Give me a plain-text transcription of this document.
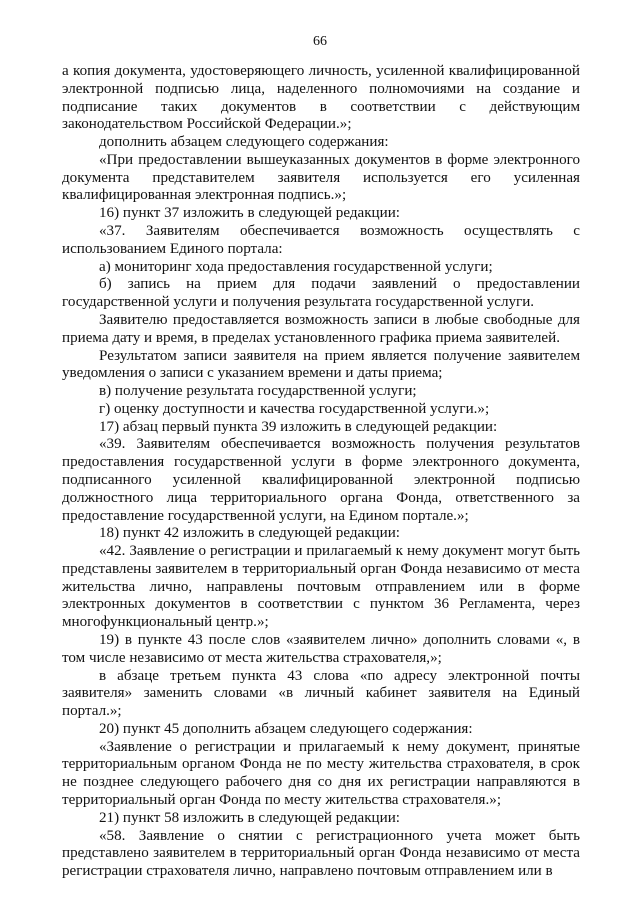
66

а копия документа, удостоверяющего личность, усиленной квалифицированной электронной подписью лица, наделенного полномочиями на создание и подписание таких документов в соответствии с действующим законодательством Российской Федерации.»;

дополнить абзацем следующего содержания:

«При предоставлении вышеуказанных документов в форме электронного документа представителем заявителя используется его усиленная квалифицированная электронная подпись.»;

16) пункт 37 изложить в следующей редакции:

«37. Заявителям обеспечивается возможность осуществлять с использованием Единого портала:

а) мониторинг хода предоставления государственной услуги;

б) запись на прием для подачи заявлений о предоставлении государственной услуги и получения результата государственной услуги.

Заявителю предоставляется возможность записи в любые свободные для приема дату и время, в пределах установленного графика приема заявителей.

Результатом записи заявителя на прием является получение заявителем уведомления о записи с указанием времени и даты приема;

в) получение результата государственной услуги;

г) оценку доступности и качества государственной услуги.»;

17) абзац первый пункта 39 изложить в следующей редакции:

«39. Заявителям обеспечивается возможность получения результатов предоставления государственной услуги в форме электронного документа, подписанного усиленной квалифицированной электронной подписью должностного лица территориального органа Фонда, ответственного за предоставление государственной услуги, на Едином портале.»;

18) пункт 42 изложить в следующей редакции:

«42. Заявление о регистрации и прилагаемый к нему документ могут быть представлены заявителем в территориальный орган Фонда независимо от места жительства лично, направлены почтовым отправлением или в форме электронных документов в соответствии с пунктом 36 Регламента, через многофункциональный центр.»;

19) в пункте 43 после слов «заявителем лично» дополнить словами «, в том числе независимо от места жительства страхователя,»;

в абзаце третьем пункта 43 слова «по адресу электронной почты заявителя» заменить словами «в личный кабинет заявителя на Единый портал.»;

20) пункт 45 дополнить абзацем следующего содержания:

«Заявление о регистрации и прилагаемый к нему документ, принятые территориальным органом Фонда не по месту жительства страхователя, в срок не позднее следующего рабочего дня со дня их регистрации направляются в территориальный орган Фонда по месту жительства страхователя.»;

21) пункт 58 изложить в следующей редакции:

«58. Заявление о снятии с регистрационного учета может быть представлено заявителем в территориальный орган Фонда независимо от места регистрации страхователя лично, направлено почтовым отправлением или в
